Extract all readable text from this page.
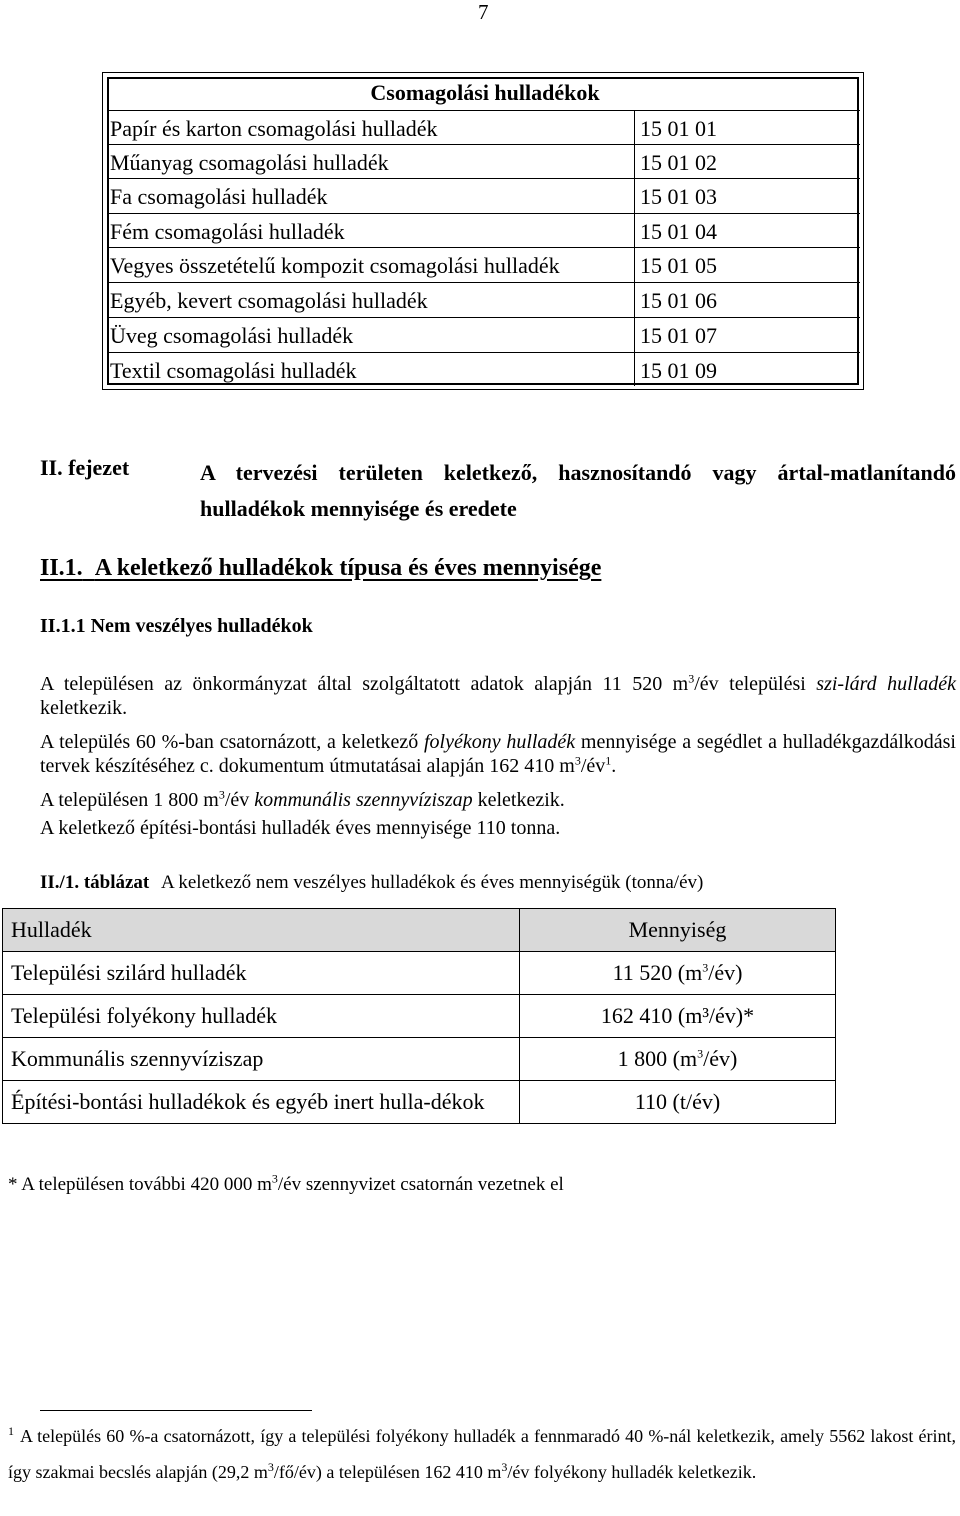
7
Csomagolási hulladékok
Papír és karton csomagolási hulladék	15 01 01
Műanyag csomagolási hulladék	15 01 02
Fa csomagolási hulladék	15 01 03
Fém csomagolási hulladék	15 01 04
Vegyes összetételű kompozit csomagolási hulladék	15 01 05
Egyéb, kevert csomagolási hulladék	15 01 06
Üveg csomagolási hulladék	15 01 07
Textil csomagolási hulladék	15 01 09
II. fejezet	A tervezési területen keletkező, hasznosítandó vagy ártal-matlanítandó hulladékok mennyisége és eredete
II.1. A keletkező hulladékok típusa és éves mennyisége
II.1.1 Nem veszélyes hulladékok
A településen az önkormányzat által szolgáltatott adatok alapján 11 520 $m^3/év$ települési szi-lárd hulladék keletkezik.
A település 60 %-ban csatornázott, a keletkező folyékony hulladék mennyisége a segédlet a hulladékgazdálkodási tervek készítéséhez c. dokumentum útmutatásai alapján 162 410 $m^3/év^1$.
A településen 1 800 $m^3/év$ kommunális szennyvíziszap keletkezik.
A keletkező építési-bontási hulladék éves mennyisége 110 tonna.
II./1. táblázat A keletkező nem veszélyes hulladékok és éves mennyiségük (tonna/év)
Hulladék	Mennyiség
Települési szilárd hulladék	11 520 $(m^3/év)$
Települési folyékony hulladék	162 410 (m³/év)*
Kommunális szennyvíziszap	1 800 $(m^3/év)$
Építési-bontási hulladékok és egyéb inert hulla-dékok	110 (t/év)
* A településen további 420 000 $m^3/év$ szennyvizet csatornán vezetnek el
$^1$ A település 60 %-a csatornázott, így a települési folyékony hulladék a fennmaradó 40 %-nál keletkezik, amely 5562 lakost érint, így szakmai becslés alapján (29,2 $m^3/fő/év$) a településen 162 410 $m^3/év$ folyékony hulladék keletkezik.
